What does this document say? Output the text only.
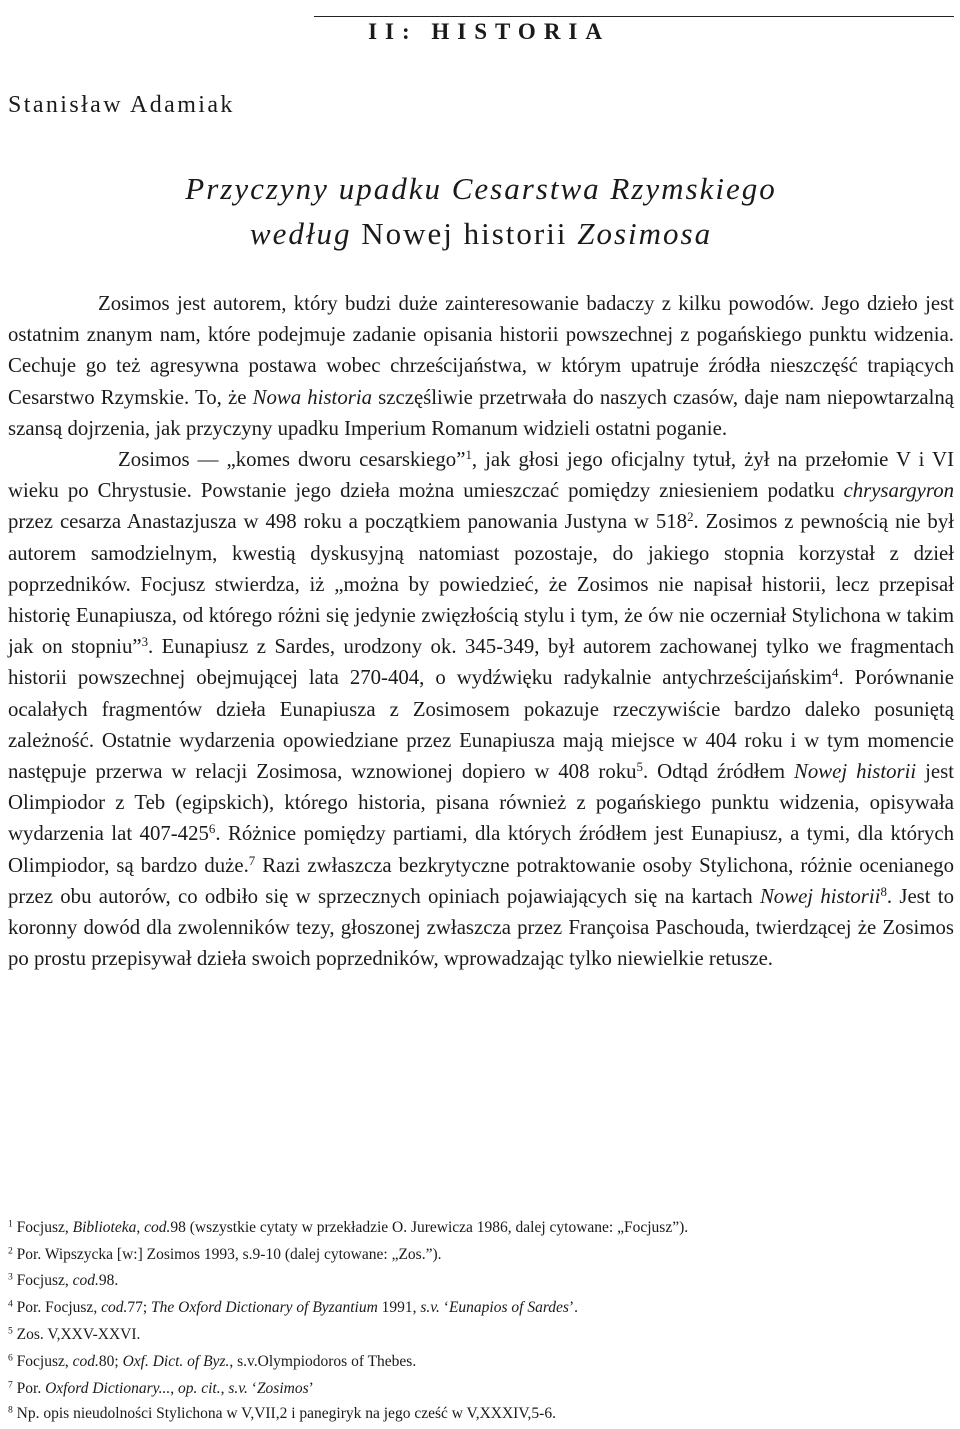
II: HISTORIA
Stanisław Adamiak
Przyczyny upadku Cesarstwa Rzymskiego
według Nowej historii Zosimosa

Zosimos jest autorem, który budzi duże zainteresowanie badaczy z kilku powodów. Jego dzieło jest ostatnim znanym nam, które podejmuje zadanie opisania historii powszechnej z pogańskiego punktu widzenia. Cechuje go też agresywna postawa wobec chrześcijaństwa, w którym upatruje źródła nieszczęść trapiących Cesarstwo Rzymskie. To, że Nowa historia szczęśliwie przetrwała do naszych czasów, daje nam niepowtarzalną szansą dojrzenia, jak przyczyny upadku Imperium Romanum widzieli ostatni poganie.

Zosimos — „komes dworu cesarskiego”$^1$, jak głosi jego oficjalny tytuł, żył na przełomie V i VI wieku po Chrystusie. Powstanie jego dzieła można umieszczać pomiędzy zniesieniem podatku chrysargyron przez cesarza Anastazjusza w 498 roku a początkiem panowania Justyna w $518^2$. Zosimos z pewnością nie był autorem samodzielnym, kwestią dyskusyjną natomiast pozostaje, do jakiego stopnia korzystał z dzieł poprzedników. Focjusz stwierdza, iż „można by powiedzieć, że Zosimos nie napisał historii, lecz przepisał historię Eunapiusza, od którego różni się jedynie zwięzłością stylu i tym, że ów nie oczerniał Stylichona w takim jak on stopniu”$^3$. Eunapiusz z Sardes, urodzony ok. 345-349, był autorem zachowanej tylko we fragmentach historii powszechnej obejmującej lata 270-404, o wydźwięku radykalnie antychrześcijańskim$^4$. Porównanie ocalałych fragmentów dzieła Eunapiusza z Zosimosem pokazuje rzeczywiście bardzo daleko posuniętą zależność. Ostatnie wydarzenia opowiedziane przez Eunapiusza mają miejsce w 404 roku i w tym momencie następuje przerwa w relacji Zosimosa, wznowionej dopiero w 408 roku$^5$. Odtąd źródłem Nowej historii jest Olimpiodor z Teb (egipskich), którego historia, pisana również z pogańskiego punktu widzenia, opisywała wydarzenia lat $407-425^6$. Różnice pomiędzy partiami, dla których źródłem jest Eunapiusz, a tymi, dla których Olimpiodor, są bardzo duże.$^7$ Razi zwłaszcza bezkrytyczne potraktowanie osoby Stylichona, różnie ocenianego przez obu autorów, co odbiło się w sprzecznych opiniach pojawiających się na kartach Nowej historii$^8$. Jest to koronny dowód dla zwolenników tezy, głoszonej zwłaszcza przez Françoisa Paschouda, twierdzącej że Zosimos po prostu przepisywał dzieła swoich poprzedników, wprowadzając tylko niewielkie retusze.

$^1$ Focjusz, Biblioteka, cod.98 (wszystkie cytaty w przekładzie O. Jurewicza 1986, dalej cytowane: „Focjusz”).
$^2$ Por. Wipszycka [w:] Zosimos 1993, s.9-10 (dalej cytowane: „Zos.”).
$^3$ Focjusz, cod.98.
$^4$ Por. Focjusz, cod.77; The Oxford Dictionary of Byzantium 1991, s.v. ‘Eunapios of Sardes’.
$^5$ Zos. V,XXV-XXVI.
$^6$ Focjusz, cod.80; Oxf. Dict. of Byz., s.v.Olympiodoros of Thebes.
$^7$ Por. Oxford Dictionary..., op. cit., s.v. ‘Zosimos’
$^8$ Np. opis nieudolności Stylichona w V,VII,2 i panegiryk na jego cześć w V,XXXIV,5-6.
